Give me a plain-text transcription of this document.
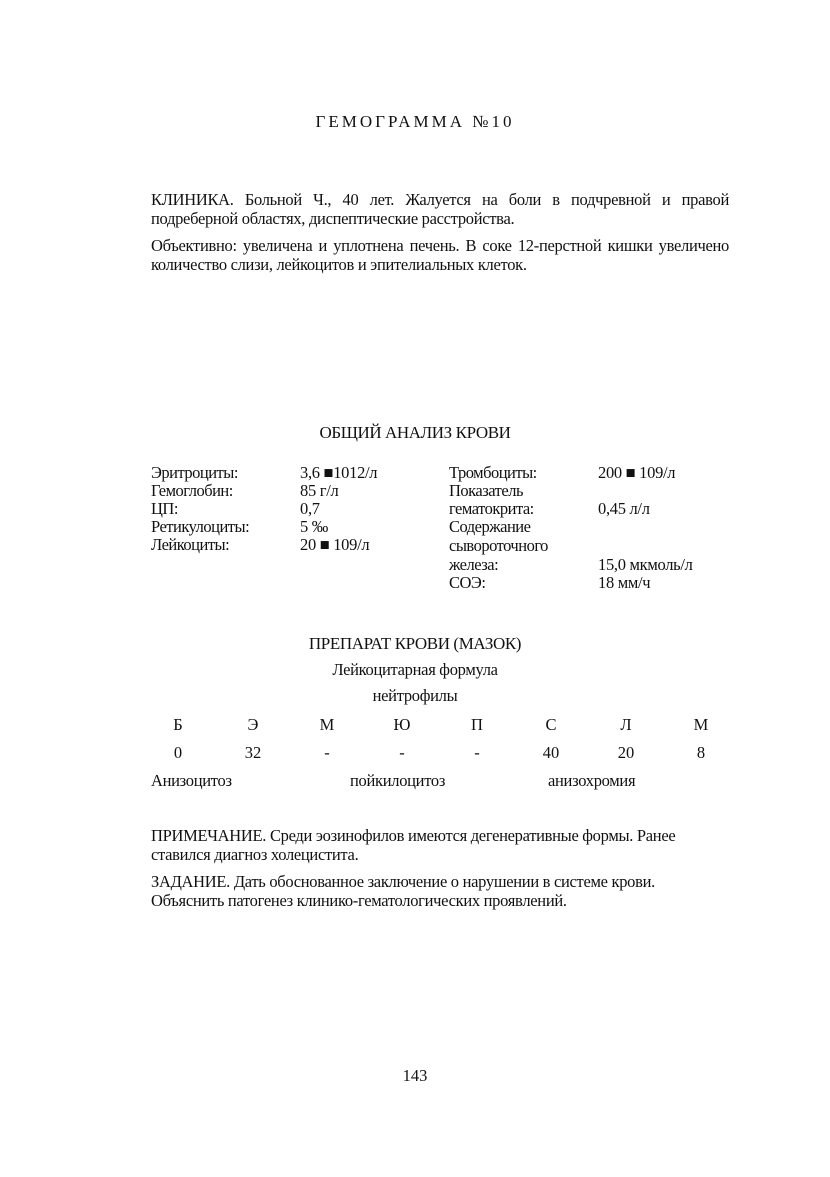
ГЕМОГРАММА №10
КЛИНИКА. Больной Ч., 40 лет. Жалуется на боли в подчревной и правой подреберной областях, диспептические расстройства.
Объективно: увеличена и уплотнена печень. В соке 12-перстной кишки увеличено количество слизи, лейкоцитов и эпителиальных клеток.
ОБЩИЙ АНАЛИЗ КРОВИ
Эритроциты:	3,6 ■1012/л
Гемоглобин:	85 г/л
ЦП:	0,7
Ретикулоциты:	5 ‰
Лейкоциты:	20 ■ 109/л
Тромбоциты:	200 ■ 109/л
Показатель
гематокрита:	0,45 л/л
Содержание
сывороточного
железа:	15,0 мкмоль/л
СОЭ:	18 мм/ч
ПРЕПАРАТ КРОВИ (МАЗОК)
Лейкоцитарная формула
нейтрофилы
Б	Э	М	Ю	П	С	Л	М
0	32	-	-	-	40	20	8
Анизоцитоз	пойкилоцитоз	анизохромия
ПРИМЕЧАНИЕ. Среди эозинофилов имеются дегенеративные формы. Ранее
ставился диагноз холецистита.
ЗАДАНИЕ. Дать обоснованное заключение о нарушении в системе крови.
Объяснить патогенез клинико-гематологических проявлений.
143
